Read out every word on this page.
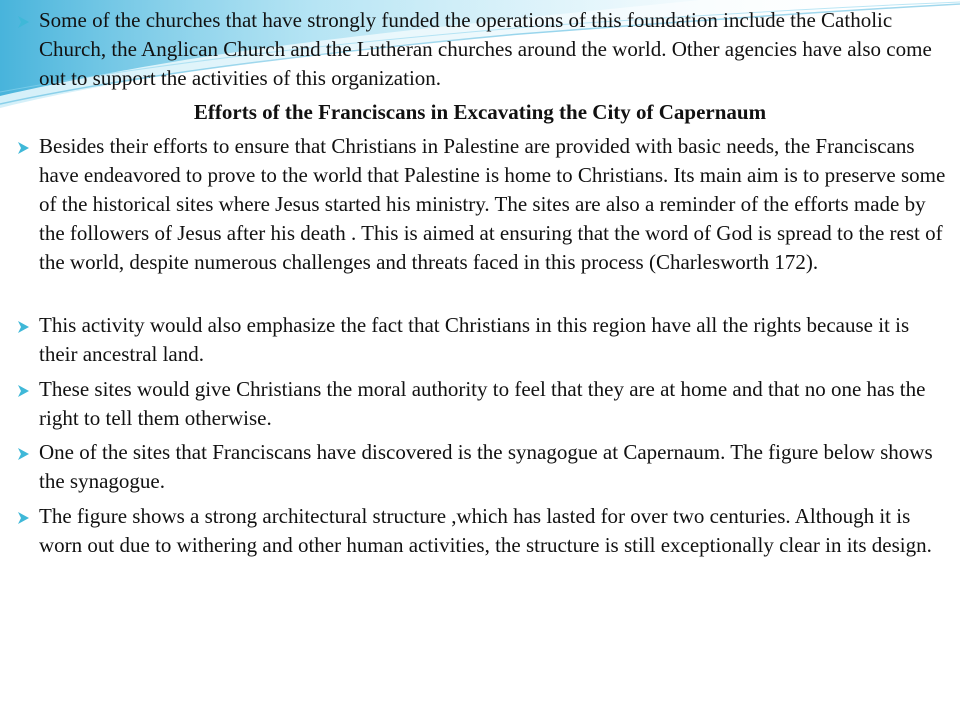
Some of the churches that have strongly funded the operations of this foundation include the Catholic Church, the Anglican Church and the Lutheran churches around the world. Other agencies have also come out to support the activities of this organization.

Efforts of the Franciscans in Excavating the City of Capernaum

Besides their efforts to ensure that Christians in Palestine are provided with basic needs, the Franciscans have endeavored to prove to the world that Palestine is home to Christians. Its main aim is to preserve some of the historical sites where Jesus started his ministry. The sites are also a reminder of the efforts made by the followers of Jesus after his death . This is aimed at ensuring that the word of God is spread to the rest of the world, despite numerous challenges and threats faced in this process (Charlesworth 172).

This activity would also emphasize the fact that Christians in this region have all the rights because it is their ancestral land.

These sites would give Christians the moral authority to feel that they are at home and that no one has the right to tell them otherwise.

One of the sites that Franciscans have discovered is the synagogue at Capernaum. The figure below shows the synagogue.

The figure shows a strong architectural structure ,which has lasted for over two centuries. Although it is worn out due to withering and other human activities, the structure is still exceptionally clear in its design.
